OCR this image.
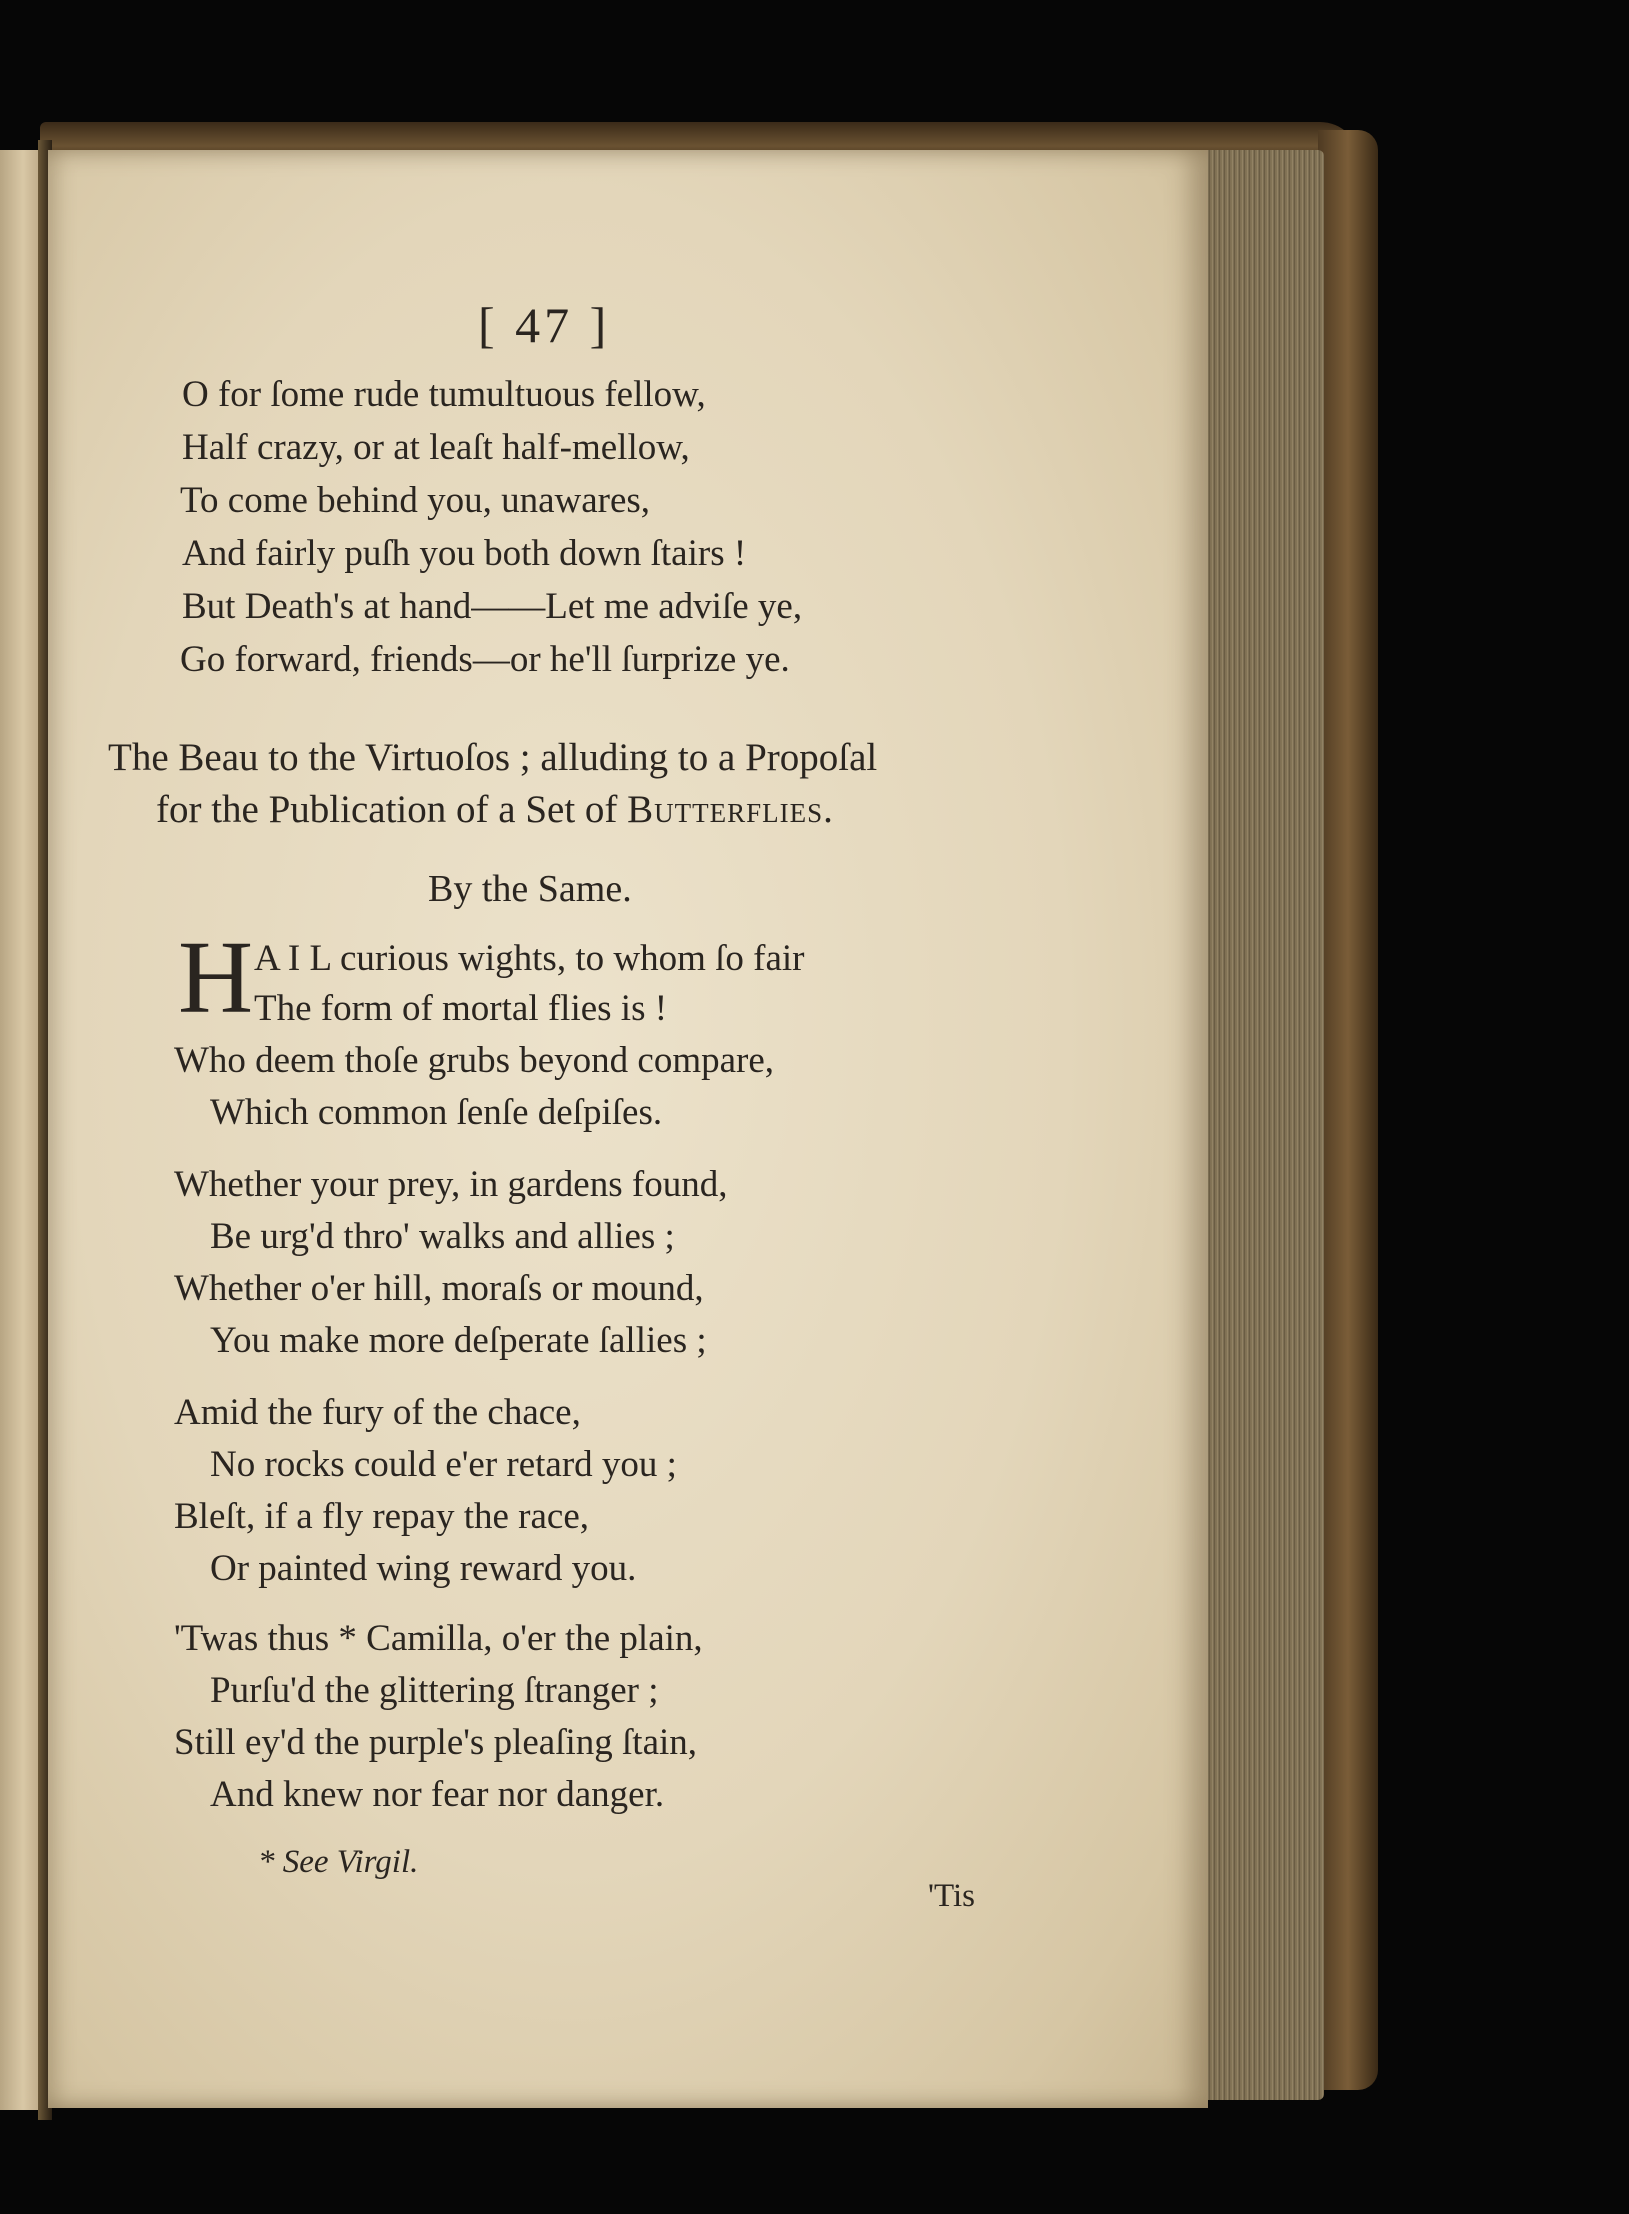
[ 47 ]
O for ſome rude tumultuous fellow,
Half crazy, or at leaſt half-mellow,
To come behind you, unawares,
And fairly puſh you both down ſtairs !
But Death's at hand——Let me adviſe ye,
Go forward, friends—or he'll ſurprize ye.
The Beau to the Virtuoſos ; alluding to a Propoſal
for the Publication of a Set of Butterflies.
By the Same.
H A I L curious wights, to whom ſo fair
The form of mortal flies is !
Who deem thoſe grubs beyond compare,
Which common ſenſe deſpiſes.
Whether your prey, in gardens found,
Be urg'd thro' walks and allies ;
Whether o'er hill, moraſs or mound,
You make more deſperate ſallies ;
Amid the fury of the chace,
No rocks could e'er retard you ;
Bleſt, if a fly repay the race,
Or painted wing reward you.
'Twas thus * Camilla, o'er the plain,
Purſu'd the glittering ſtranger ;
Still ey'd the purple's pleaſing ſtain,
And knew nor fear nor danger.
* See Virgil.
'Tis
